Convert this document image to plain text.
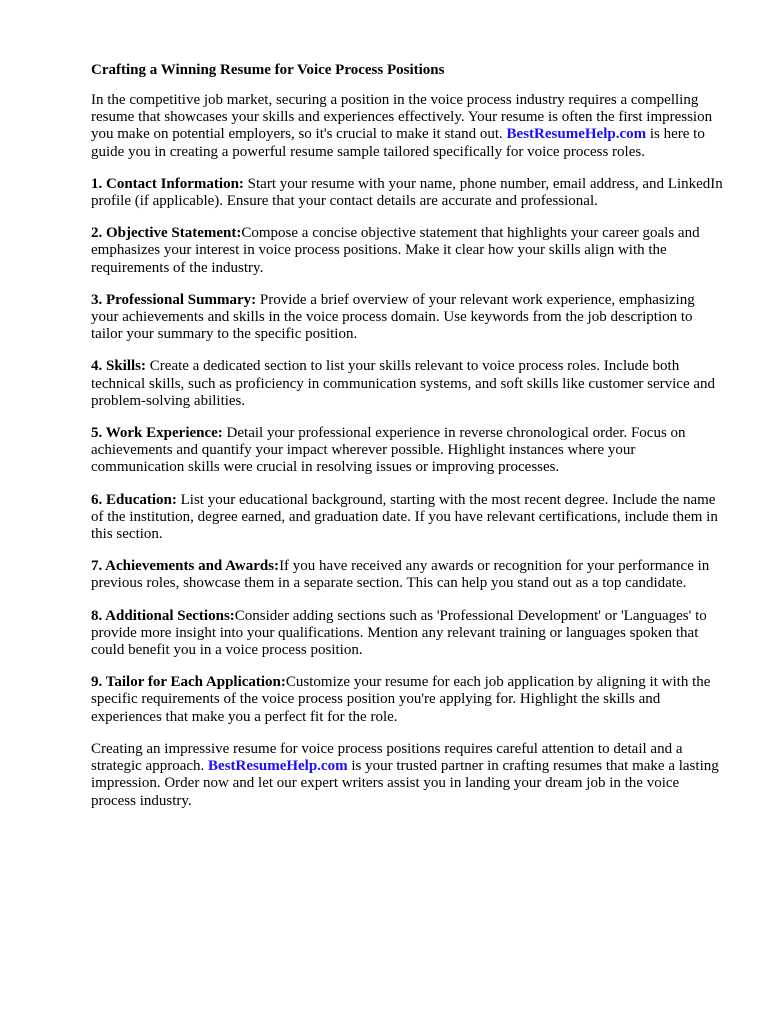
Crafting a Winning Resume for Voice Process Positions

In the competitive job market, securing a position in the voice process industry requires a compelling resume that showcases your skills and experiences effectively. Your resume is often the first impression you make on potential employers, so it's crucial to make it stand out. BestResumeHelp.com is here to guide you in creating a powerful resume sample tailored specifically for voice process roles.

1. Contact Information: Start your resume with your name, phone number, email address, and LinkedIn profile (if applicable). Ensure that your contact details are accurate and professional.

2. Objective Statement:Compose a concise objective statement that highlights your career goals and emphasizes your interest in voice process positions. Make it clear how your skills align with the requirements of the industry.

3. Professional Summary: Provide a brief overview of your relevant work experience, emphasizing your achievements and skills in the voice process domain. Use keywords from the job description to tailor your summary to the specific position.

4. Skills: Create a dedicated section to list your skills relevant to voice process roles. Include both technical skills, such as proficiency in communication systems, and soft skills like customer service and problem-solving abilities.

5. Work Experience: Detail your professional experience in reverse chronological order. Focus on achievements and quantify your impact wherever possible. Highlight instances where your communication skills were crucial in resolving issues or improving processes.

6. Education: List your educational background, starting with the most recent degree. Include the name of the institution, degree earned, and graduation date. If you have relevant certifications, include them in this section.

7. Achievements and Awards:If you have received any awards or recognition for your performance in previous roles, showcase them in a separate section. This can help you stand out as a top candidate.

8. Additional Sections:Consider adding sections such as 'Professional Development' or 'Languages' to provide more insight into your qualifications. Mention any relevant training or languages spoken that could benefit you in a voice process position.

9. Tailor for Each Application:Customize your resume for each job application by aligning it with the specific requirements of the voice process position you're applying for. Highlight the skills and experiences that make you a perfect fit for the role.

Creating an impressive resume for voice process positions requires careful attention to detail and a strategic approach. BestResumeHelp.com is your trusted partner in crafting resumes that make a lasting impression. Order now and let our expert writers assist you in landing your dream job in the voice process industry.
